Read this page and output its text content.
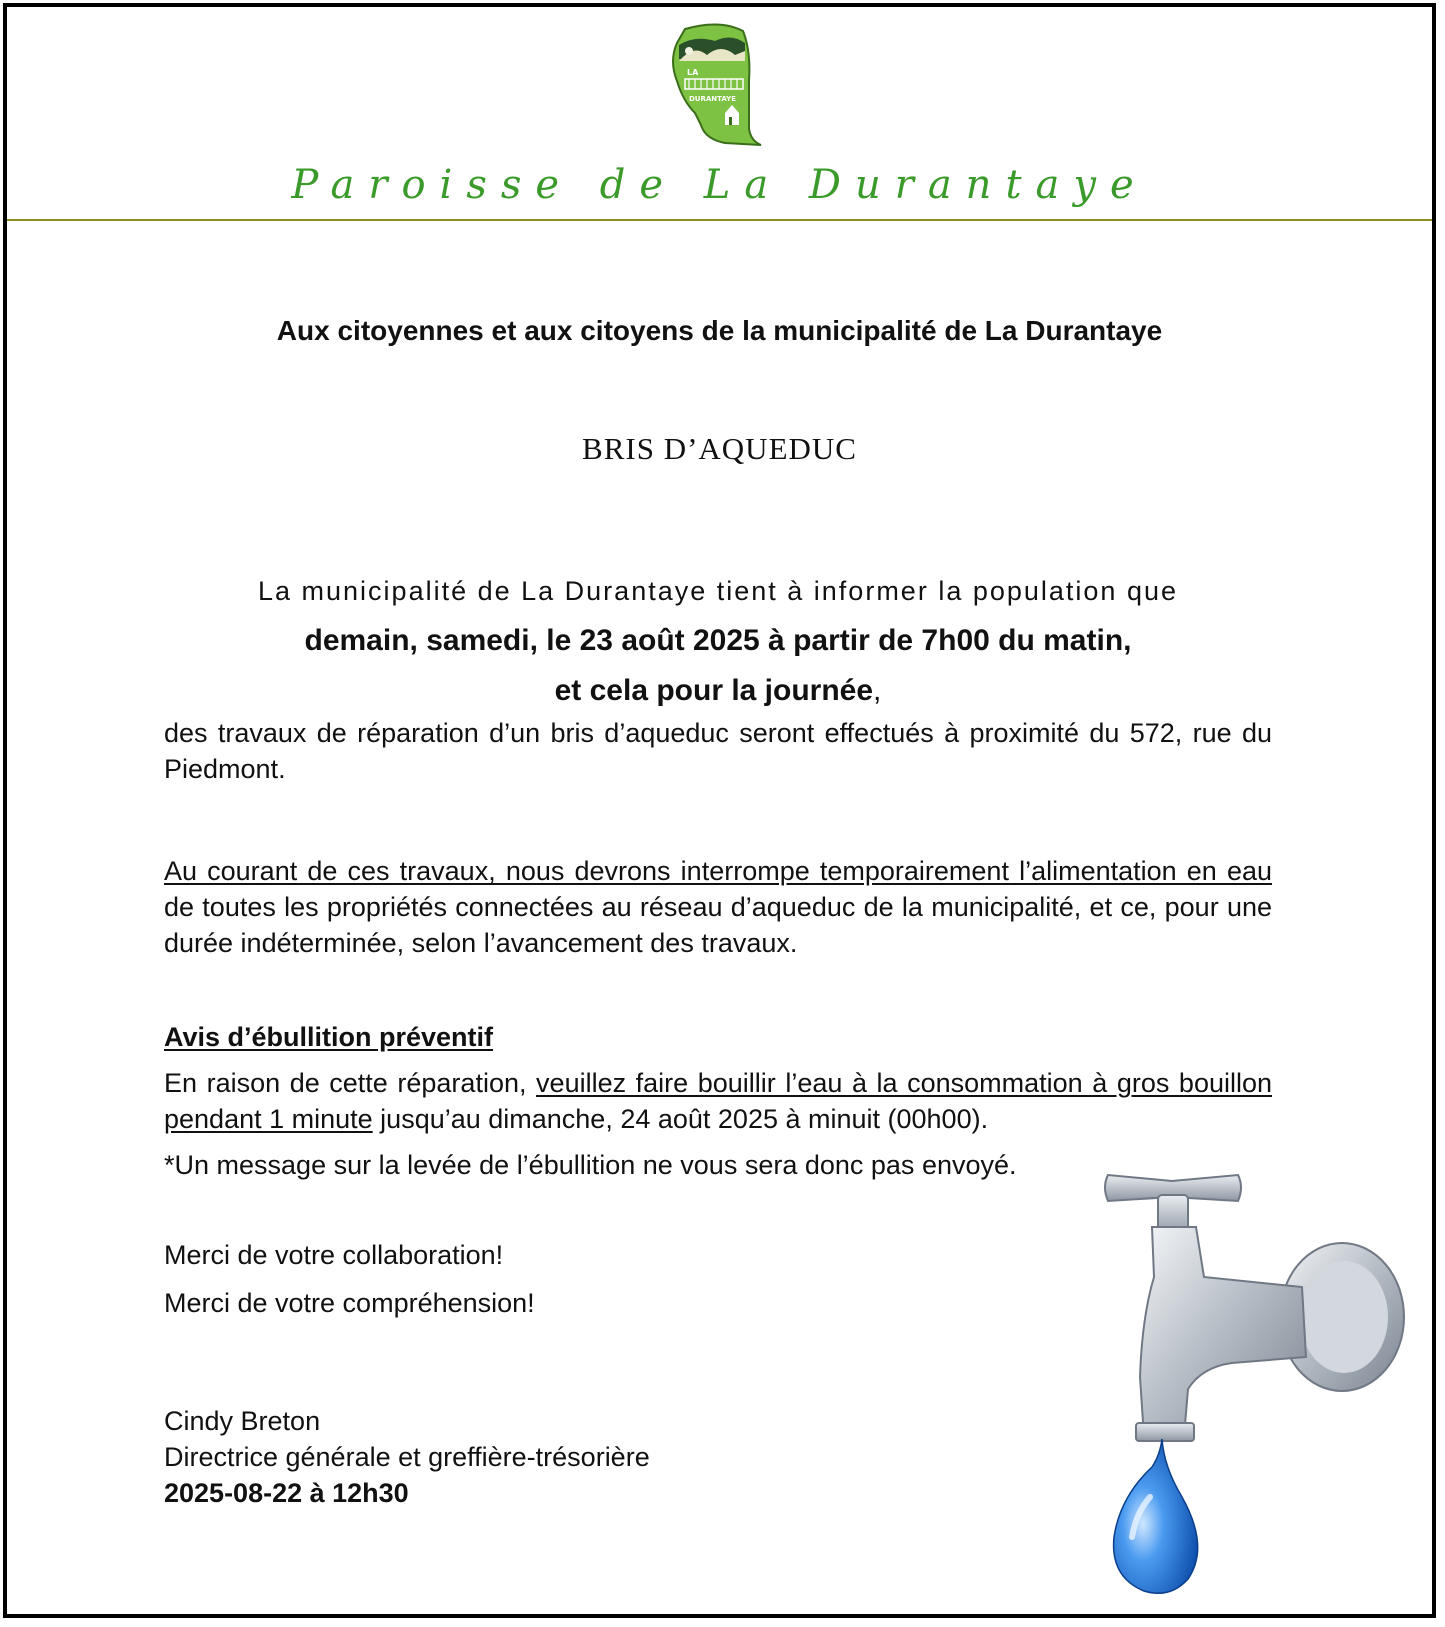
LA
DURANTAYE
Paroisse de La Durantaye
Aux citoyennes et aux citoyens de la municipalité de La Durantaye
BRIS D’AQUEDUC

La municipalité de La Durantaye tient à informer la population que

demain, samedi, le 23 août 2025 à partir de 7h00 du matin,

et cela pour la journée,

des travaux de réparation d’un bris d’aqueduc seront effectués à proximité du 572, rue du Piedmont.

Au courant de ces travaux, nous devrons interrompe temporairement l’alimentation en eau de toutes les propriétés connectées au réseau d’aqueduc de la municipalité, et ce, pour une durée indéterminée, selon l’avancement des travaux.

Avis d’ébullition préventif

En raison de cette réparation, veuillez faire bouillir l’eau à la consommation à gros bouillon pendant 1 minute jusqu’au dimanche, 24 août 2025 à minuit (00h00).

*Un message sur la levée de l’ébullition ne vous sera donc pas envoyé.

Merci de votre collaboration!

Merci de votre compréhension!

Cindy Breton

Directrice générale et greffière-trésorière

2025-08-22 à 12h30
